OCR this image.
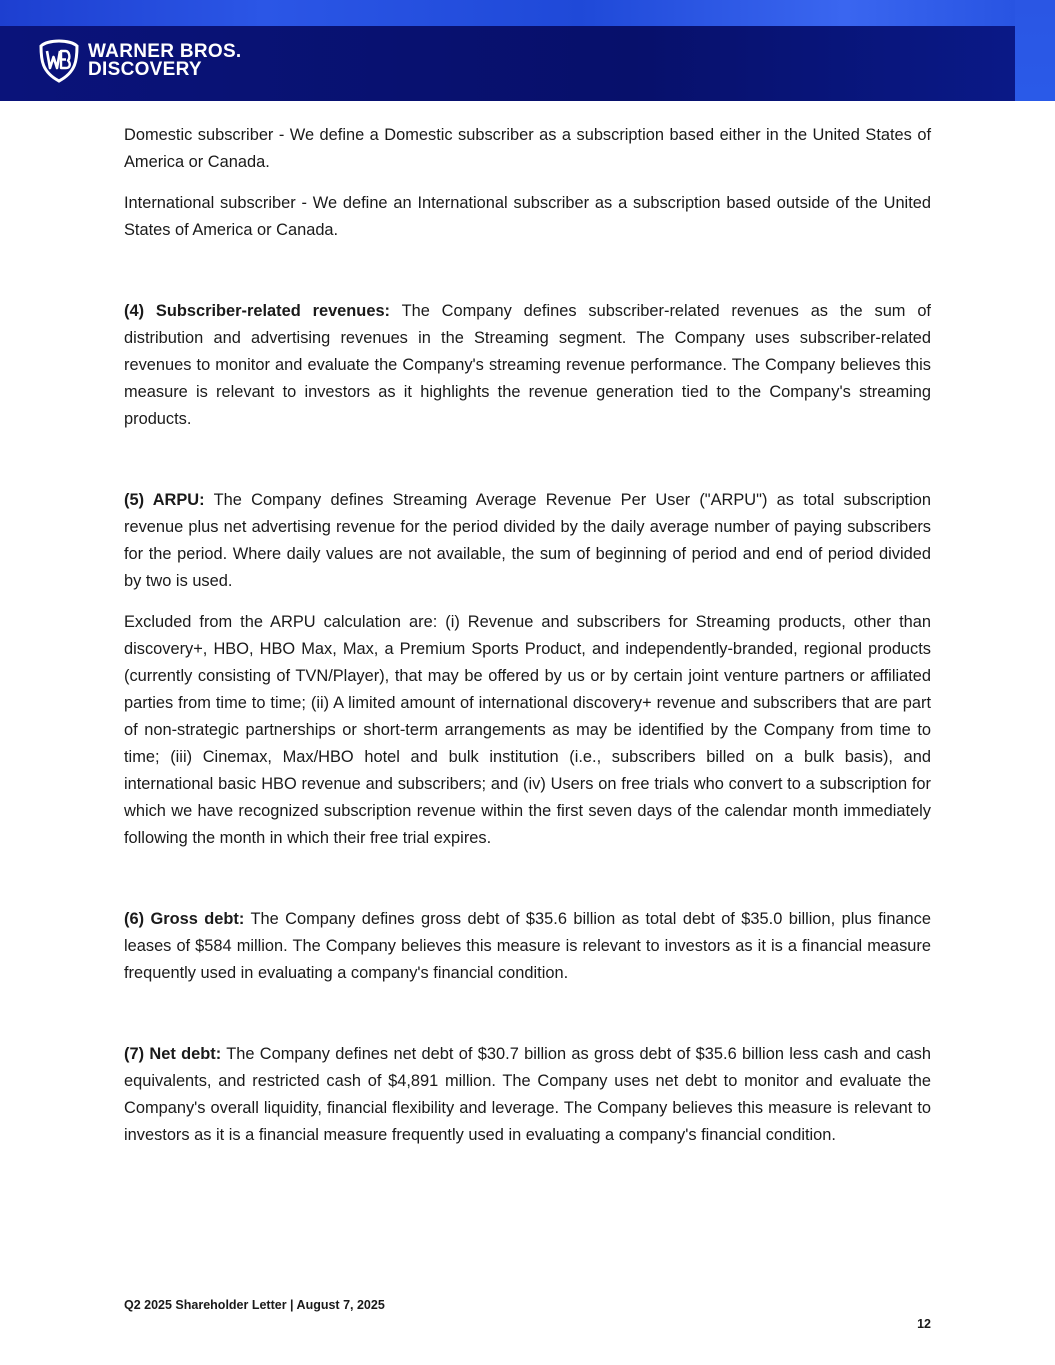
WARNER BROS.
DISCOVERY

Domestic subscriber - We define a Domestic subscriber as a subscription based either in the United States of America or Canada.

International subscriber - We define an International subscriber as a subscription based outside of the United States of America or Canada.

(4) Subscriber-related revenues: The Company defines subscriber-related revenues as the sum of distribution and advertising revenues in the Streaming segment. The Company uses subscriber-related revenues to monitor and evaluate the Company's streaming revenue performance. The Company believes this measure is relevant to investors as it highlights the revenue generation tied to the Company's streaming products.

(5) ARPU: The Company defines Streaming Average Revenue Per User ("ARPU") as total subscription revenue plus net advertising revenue for the period divided by the daily average number of paying subscribers for the period. Where daily values are not available, the sum of beginning of period and end of period divided by two is used.

Excluded from the ARPU calculation are: (i) Revenue and subscribers for Streaming products, other than discovery+, HBO, HBO Max, Max, a Premium Sports Product, and independently-branded, regional products (currently consisting of TVN/Player), that may be offered by us or by certain joint venture partners or affiliated parties from time to time; (ii) A limited amount of international discovery+ revenue and subscribers that are part of non-strategic partnerships or short-term arrangements as may be identified by the Company from time to time; (iii) Cinemax, Max/HBO hotel and bulk institution (i.e., subscribers billed on a bulk basis), and international basic HBO revenue and subscribers; and (iv) Users on free trials who convert to a subscription for which we have recognized subscription revenue within the first seven days of the calendar month immediately following the month in which their free trial expires.

(6) Gross debt: The Company defines gross debt of $35.6 billion as total debt of $35.0 billion, plus finance leases of $584 million. The Company believes this measure is relevant to investors as it is a financial measure frequently used in evaluating a company's financial condition.

(7) Net debt: The Company defines net debt of $30.7 billion as gross debt of $35.6 billion less cash and cash equivalents, and restricted cash of $4,891 million. The Company uses net debt to monitor and evaluate the Company's overall liquidity, financial flexibility and leverage. The Company believes this measure is relevant to investors as it is a financial measure frequently used in evaluating a company's financial condition.

Q2 2025 Shareholder Letter | August 7, 2025
12
